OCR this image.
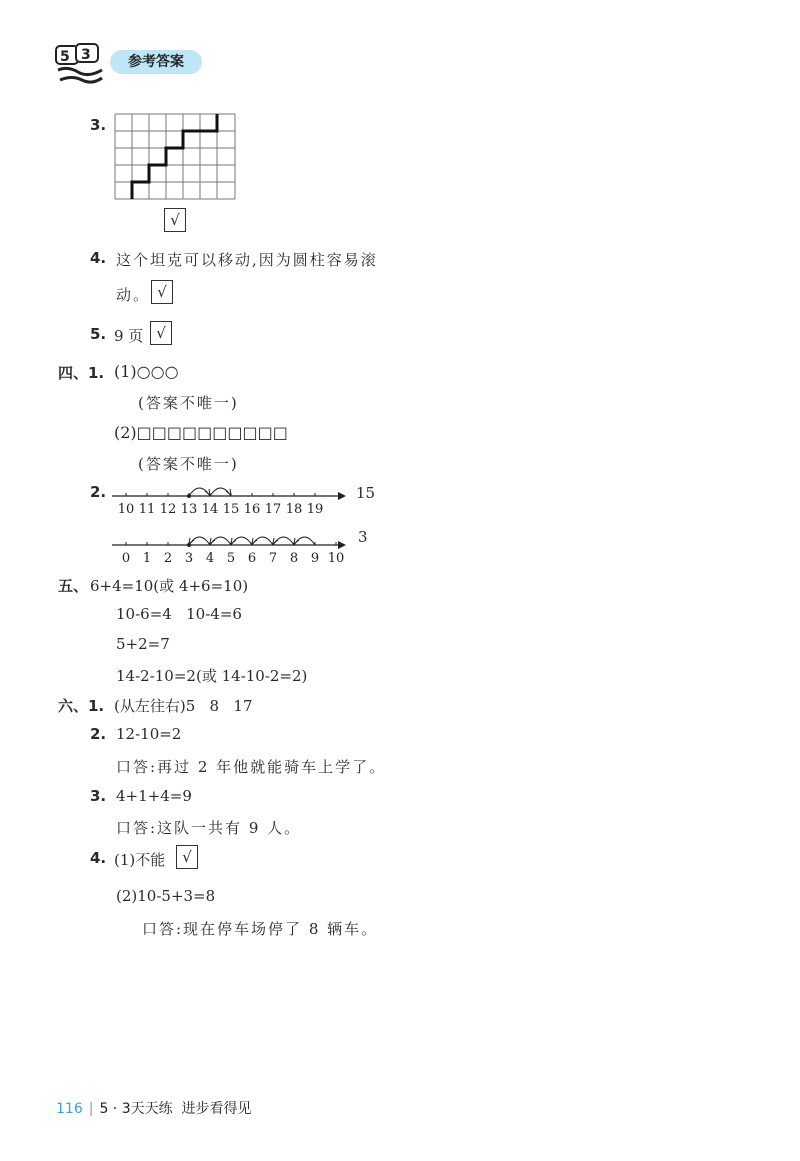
5 3	参考答案
3.
√
4. 这个坦克可以移动,因为圆柱容易滚
动。 √
5. 9 页 √
四、1. (1)○○○
(答案不唯一)
(2)□□□□□□□□□□
(答案不唯一)
2.
10 11 12 13 14 15 16 17 18 19
15
0 1 2 3 4 5 6 7 8 9 10
3
五、 6+4=10(或 4+6=10)
10-6=4   10-4=6
5+2=7
14-2-10=2(或 14-10-2=2)
六、1. (从左往右)5   8   17
2. 12-10=2
口答:再过 2 年他就能骑车上学了。
3. 4+1+4=9
口答:这队一共有 9 人。
4. (1)不能	√
(2)10-5+3=8
口答:现在停车场停了 8 辆车。
116 | 5 · 3天天练 进步看得见
